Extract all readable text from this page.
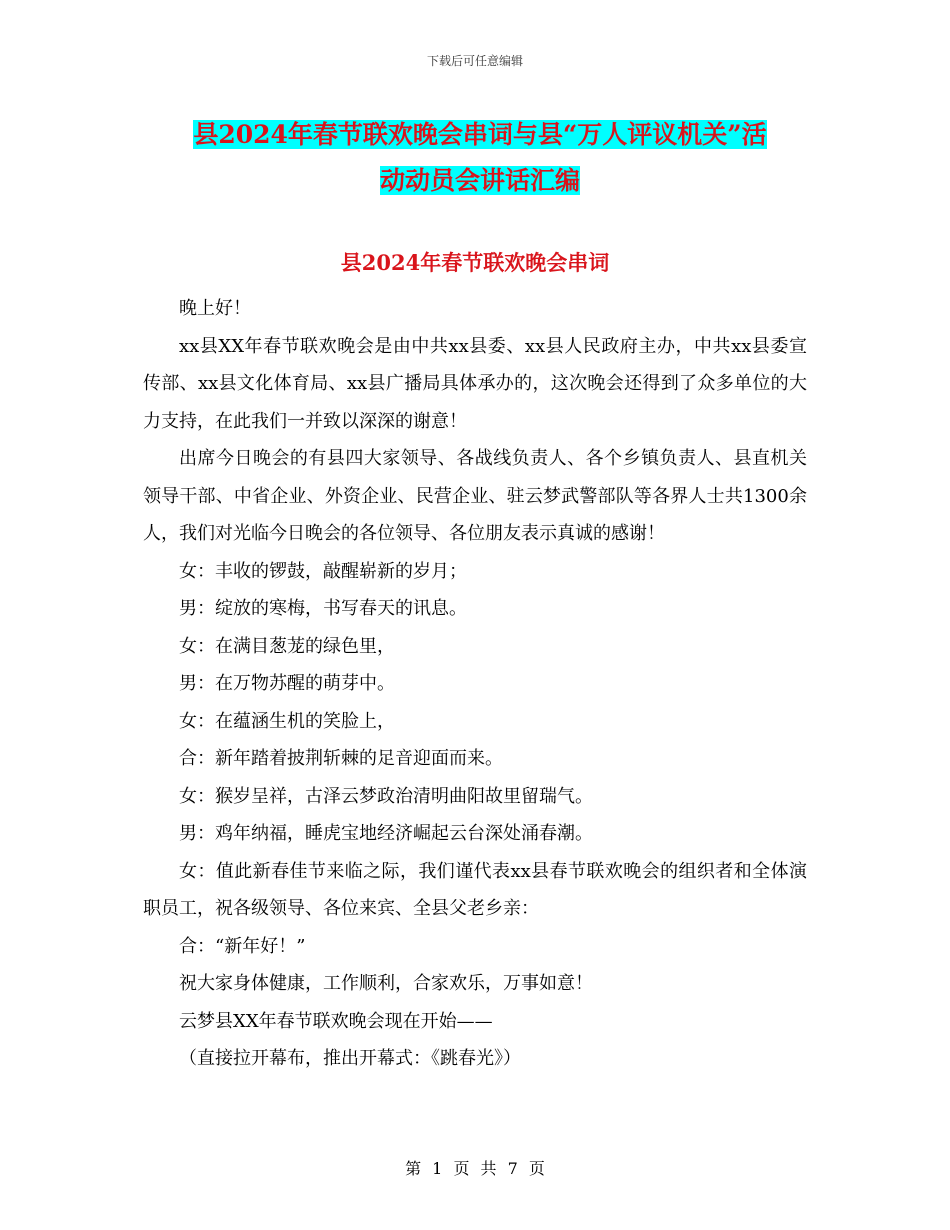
下载后可任意编辑
县2024年春节联欢晚会串词与县“万人评议机关”活
动动员会讲话汇编
县2024年春节联欢晚会串词

晚上好！

xx县XX年春节联欢晚会是由中共xx县委、xx县人民政府主办，中共xx县委宣传部、xx县文化体育局、xx县广播局具体承办的，这次晚会还得到了众多单位的大力支持，在此我们一并致以深深的谢意！

出席今日晚会的有县四大家领导、各战线负责人、各个乡镇负责人、县直机关领导干部、中省企业、外资企业、民营企业、驻云梦武警部队等各界人士共1300余人，我们对光临今日晚会的各位领导、各位朋友表示真诚的感谢！

女：丰收的锣鼓，敲醒崭新的岁月；

男：绽放的寒梅，书写春天的讯息。

女：在满目葱茏的绿色里，

男：在万物苏醒的萌芽中。

女：在蕴涵生机的笑脸上，

合：新年踏着披荆斩棘的足音迎面而来。

女：猴岁呈祥，古泽云梦政治清明曲阳故里留瑞气。

男：鸡年纳福，睡虎宝地经济崛起云台深处涌春潮。

女：值此新春佳节来临之际，我们谨代表xx县春节联欢晚会的组织者和全体演职员工，祝各级领导、各位来宾、全县父老乡亲：

合：“新年好！”

祝大家身体健康，工作顺利，合家欢乐，万事如意！

云梦县XX年春节联欢晚会现在开始——

（直接拉开幕布，推出开幕式：《跳春光》）

第 1 页 共 7 页
